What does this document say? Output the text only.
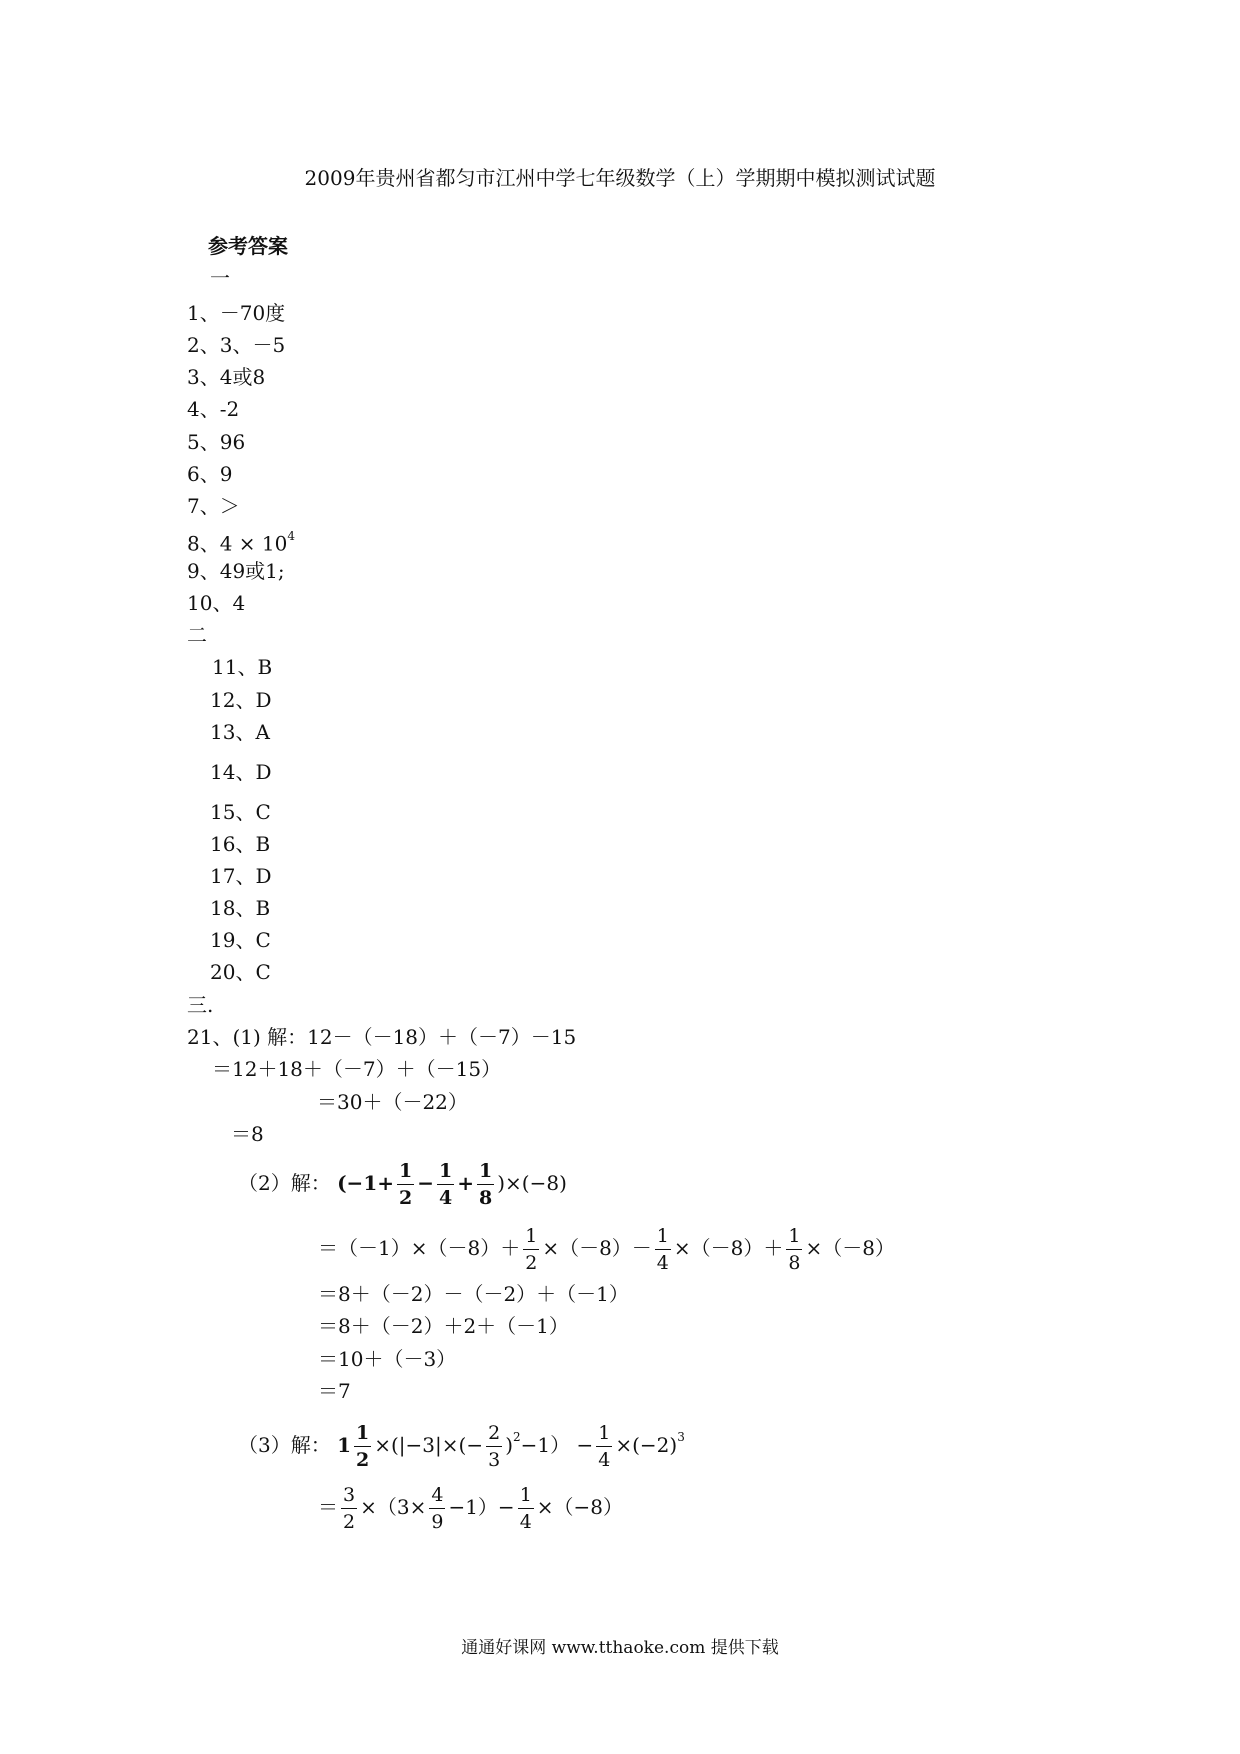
2009年贵州省都匀市江州中学七年级数学（上）学期期中模拟测试试题
参考答案
一
1、－70度
2、3、－5
3、4或8
4、-2
5、96
6、9
7、＞
8、$4 \times 10^4$
9、49或1;
10、4
二
11、B
12、D
13、A
14、D
15、C
16、B
17、D
18、B
19、C
20、C
三.
21、(1) 解：12－（－18）＋（－7）－15
＝12＋18＋（－7）＋（－15）
＝30＋（－22）
＝8
（2）解： $(-1+ \frac{1}{2} - \frac{1}{4} + \frac{1}{8} )\times(-8)$
$=(-1)\times(-8)+ \frac{1}{2} \times(-8)- \frac{1}{4} \times(-8)+ \frac{1}{8} \times(-8)$
＝8＋（－2）－（－2）＋（－1）
＝8＋（－2）＋2＋（－1）
＝10＋（－3）
＝7
（3）解： $1 \frac{1}{2} \times(|-3|\times(- \frac{2}{3} )^2-1) - \frac{1}{4} \times(-2)^3$
＝ $\frac{3}{2} \times(3\times \frac{4}{9} -1)- \frac{1}{4} \times(-8)$
通通好课网 www.tthaoke.com 提供下载
